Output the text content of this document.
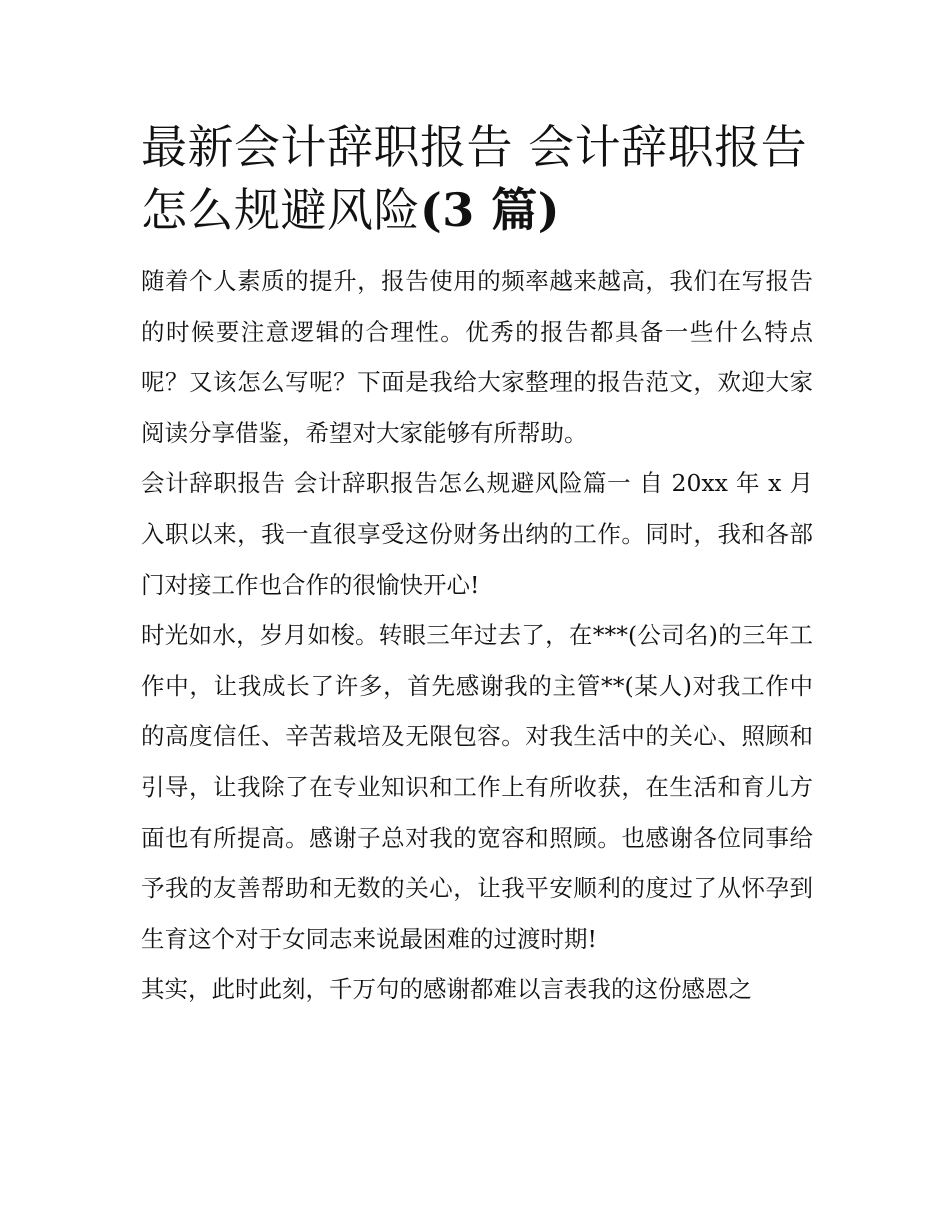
最新会计辞职报告 会计辞职报告怎么规避风险(3 篇)

随着个人素质的提升，报告使用的频率越来越高，我们在写报告的时候要注意逻辑的合理性。优秀的报告都具备一些什么特点呢？又该怎么写呢？下面是我给大家整理的报告范文，欢迎大家阅读分享借鉴，希望对大家能够有所帮助。

会计辞职报告 会计辞职报告怎么规避风险篇一 自 20xx 年 x 月入职以来，我一直很享受这份财务出纳的工作。同时，我和各部门对接工作也合作的很愉快开心!

时光如水，岁月如梭。转眼三年过去了，在***(公司名)的三年工作中，让我成长了许多，首先感谢我的主管**(某人)对我工作中的高度信任、辛苦栽培及无限包容。对我生活中的关心、照顾和引导，让我除了在专业知识和工作上有所收获，在生活和育儿方面也有所提高。感谢子总对我的宽容和照顾。也感谢各位同事给予我的友善帮助和无数的关心，让我平安顺利的度过了从怀孕到生育这个对于女同志来说最困难的过渡时期!

其实，此时此刻，千万句的感谢都难以言表我的这份感恩之
